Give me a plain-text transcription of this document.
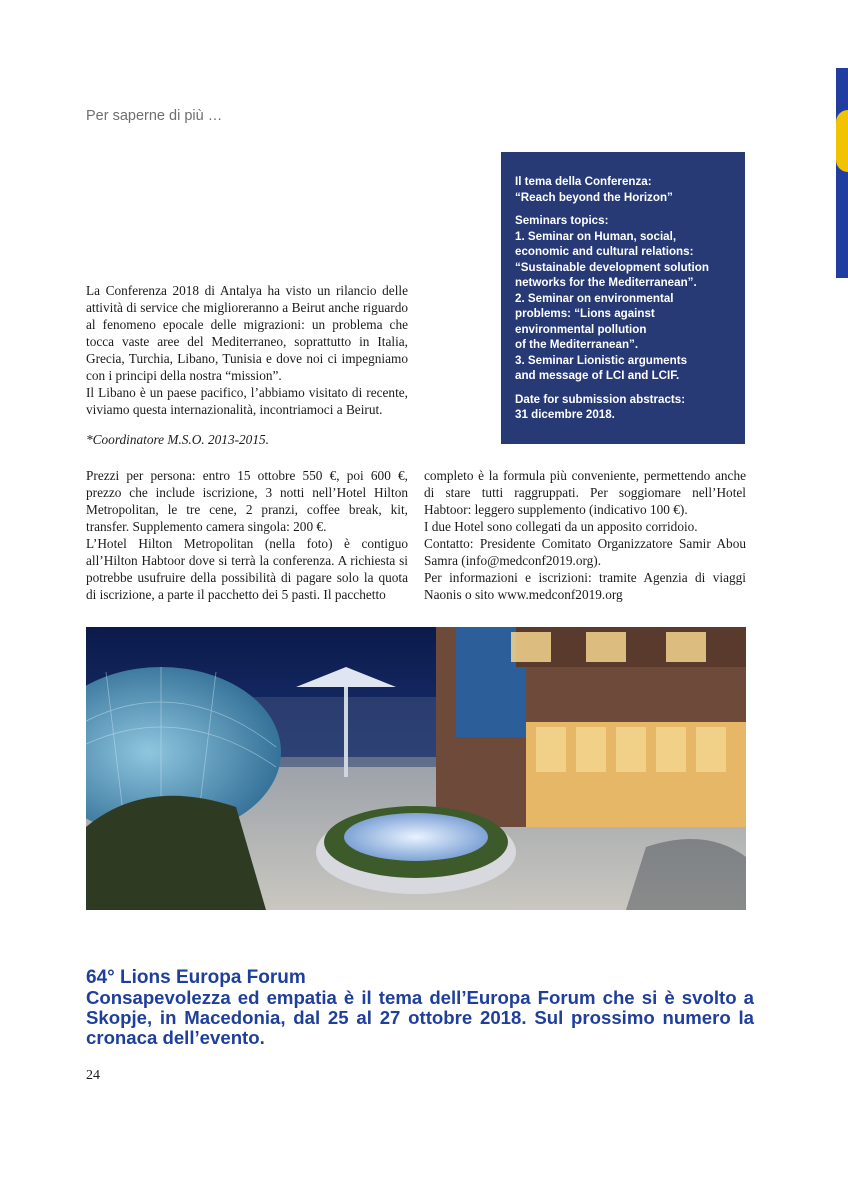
Per saperne di più …

Il tema della Conferenza:
“Reach beyond the Horizon”

Seminars topics:
1. Seminar on Human, social,
economic and cultural relations:
“Sustainable development solution
networks for the Mediterranean”.
2. Seminar on environmental
problems: “Lions against
environmental pollution
of the Mediterranean”.
3. Seminar Lionistic arguments
and message of LCI and LCIF.

Date for submission abstracts:
31 dicembre 2018.

La Conferenza 2018 di Antalya ha visto un rilancio delle attività di service che miglioreranno a Beirut anche riguardo al fenomeno epocale delle migrazioni: un problema che tocca vaste aree del Mediterraneo, soprattutto in Italia, Grecia, Turchia, Libano, Tunisia e dove noi ci impegniamo con i principi della nostra “mission”.

Il Libano è un paese pacifico, l’abbiamo visitato di recente, viviamo questa internazionalità, incontriamoci a Beirut.

*Coordinatore M.S.O. 2013-2015.

Prezzi per persona: entro 15 ottobre 550 €, poi 600 €, prezzo che include iscrizione, 3 notti nell’Hotel Hilton Metropolitan, le tre cene, 2 pranzi, coffee break, kit, transfer. Supplemento camera singola: 200 €.

L’Hotel Hilton Metropolitan (nella foto) è contiguo all’Hilton Habtoor dove si terrà la conferenza. A richiesta si potrebbe usufruire della possibilità di pagare solo la quota di iscrizione, a parte il pacchetto dei 5 pasti. Il pacchetto

completo è la formula più conveniente, permettendo anche di stare tutti raggruppati. Per soggiomare nell’Hotel Habtoor: leggero supplemento (indicativo 100 €).

I due Hotel sono collegati da un apposito corridoio.

Contatto: Presidente Comitato Organizzatore Samir Abou Samra (info@medconf2019.org).

Per informazioni e iscrizioni: tramite Agenzia di viaggi Naonis o sito www.medconf2019.org

64° Lions Europa Forum
Consapevolezza ed empatia è il tema dell’Europa Forum che si è svolto a Skopje, in Macedonia, dal 25 al 27 ottobre 2018. Sul prossimo numero la cronaca dell’evento.
24
